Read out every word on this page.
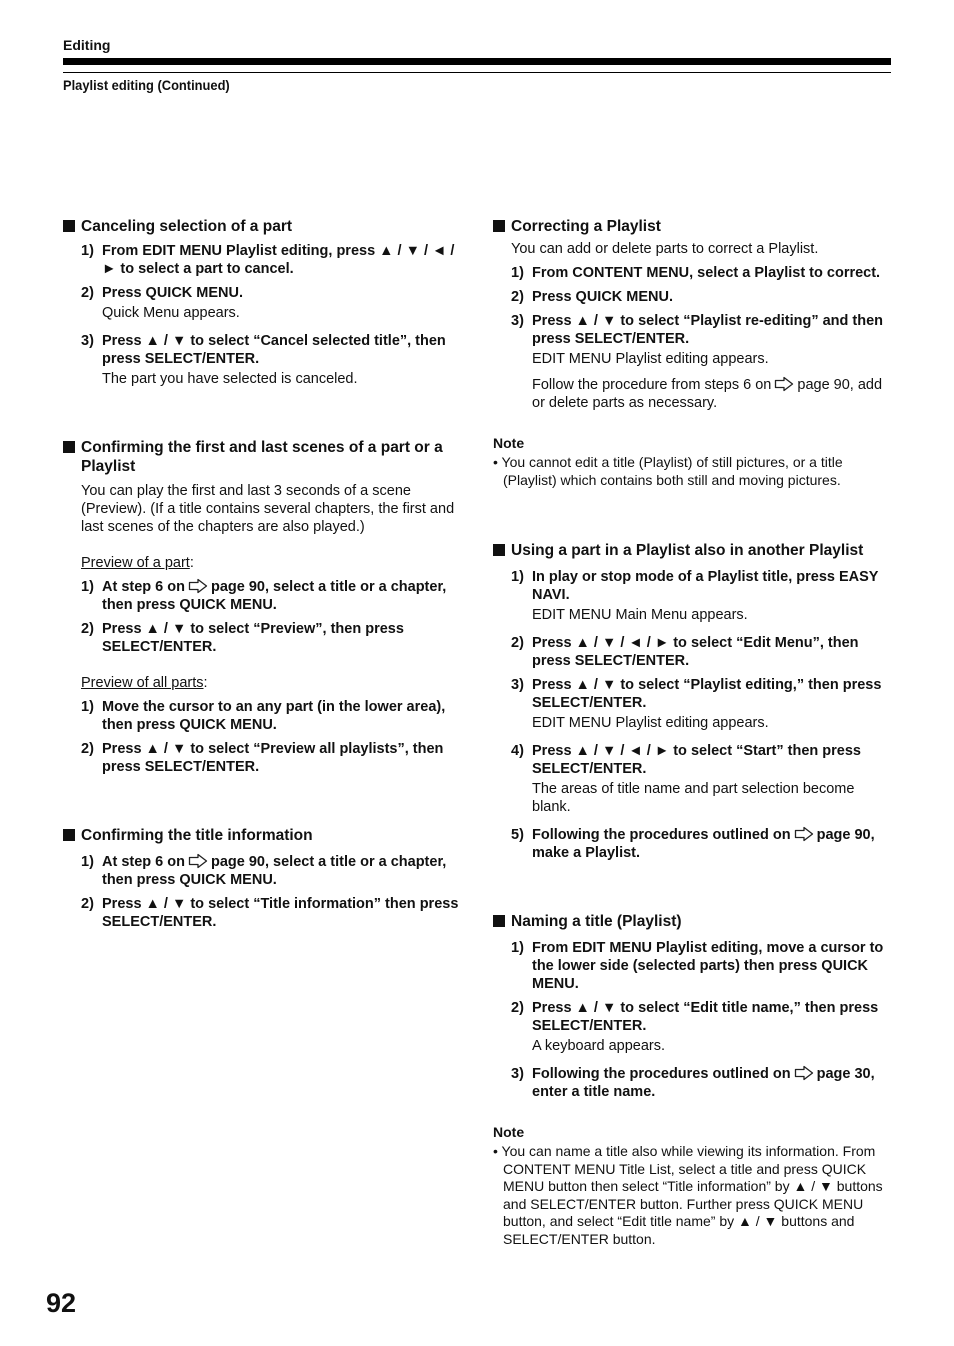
Editing
Playlist editing (Continued)
Canceling selection of a part
1) From EDIT MENU Playlist editing, press ▲ / ▼ / ◄ / ► to select a part to cancel.
2) Press QUICK MENU.
Quick Menu appears.
3) Press ▲ / ▼ to select “Cancel selected title”, then press SELECT/ENTER.
The part you have selected is canceled.
Confirming the first and last scenes of a part or a Playlist
You can play the first and last 3 seconds of a scene (Preview). (If a title contains several chapters, the first and last scenes of the chapters are also played.)
Preview of a part:
1) At step 6 on page 90, select a title or a chapter, then press QUICK MENU.
2) Press ▲ / ▼ to select “Preview”, then press SELECT/ENTER.
Preview of all parts:
1) Move the cursor to an any part (in the lower area), then press QUICK MENU.
2) Press ▲ / ▼ to select “Preview all playlists”, then press SELECT/ENTER.
Confirming the title information
1) At step 6 on page 90, select a title or a chapter, then press QUICK MENU.
2) Press ▲ / ▼ to select “Title information” then press SELECT/ENTER.
Correcting a Playlist
You can add or delete parts to correct a Playlist.
1) From CONTENT MENU, select a Playlist to correct.
2) Press QUICK MENU.
3) Press ▲ / ▼ to select “Playlist re-editing” and then press SELECT/ENTER.
EDIT MENU Playlist editing appears.
Follow the procedure from steps 6 on page 90, add or delete parts as necessary.
Note
• You cannot edit a title (Playlist) of still pictures, or a title (Playlist) which contains both still and moving pictures.
Using a part in a Playlist also in another Playlist
1) In play or stop mode of a Playlist title, press EASY NAVI.
EDIT MENU Main Menu appears.
2) Press ▲ / ▼ / ◄ / ► to select “Edit Menu”, then press SELECT/ENTER.
3) Press ▲ / ▼ to select “Playlist editing,” then press SELECT/ENTER.
EDIT MENU Playlist editing appears.
4) Press ▲ / ▼ / ◄ / ► to select “Start” then press SELECT/ENTER.
The areas of title name and part selection become blank.
5) Following the procedures outlined on page 90, make a Playlist.
Naming a title (Playlist)
1) From EDIT MENU Playlist editing, move a cursor to the lower side (selected parts) then press QUICK MENU.
2) Press ▲ / ▼ to select “Edit title name,” then press SELECT/ENTER.
A keyboard appears.
3) Following the procedures outlined on page 30, enter a title name.
Note
• You can name a title also while viewing its information. From CONTENT MENU Title List, select a title and press QUICK MENU button then select “Title information” by ▲ / ▼ buttons and SELECT/ENTER button. Further press QUICK MENU button, and select “Edit title name” by ▲ / ▼ buttons and SELECT/ENTER button.
92
